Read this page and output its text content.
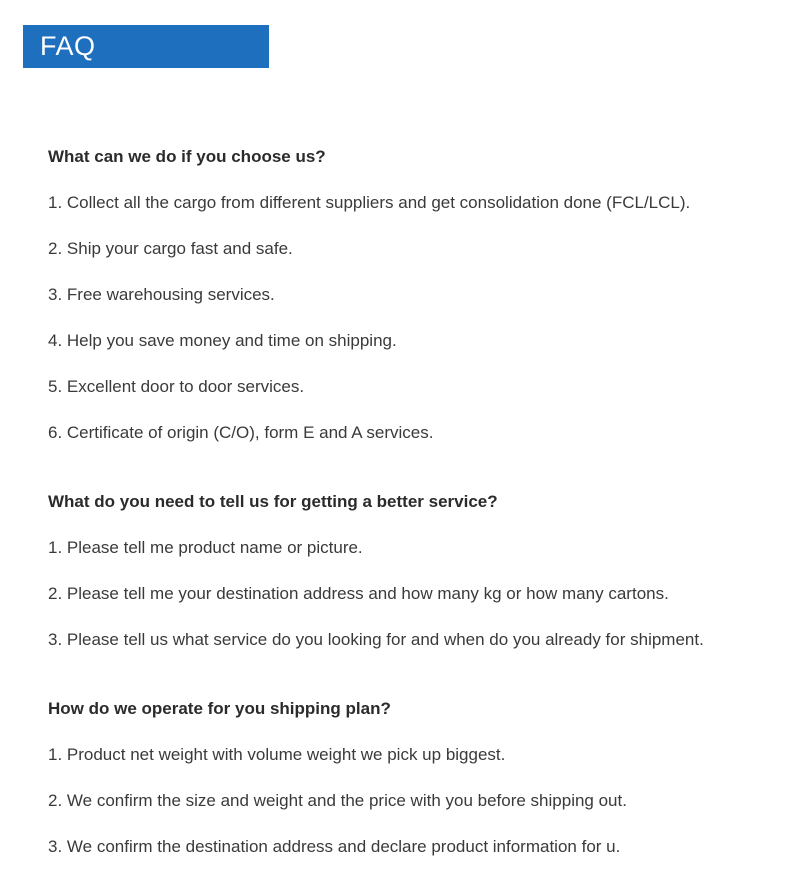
FAQ
What can we do if you choose us?
1. Collect all the cargo from different suppliers and get consolidation done (FCL/LCL).
2. Ship your cargo fast and safe.
3. Free warehousing services.
4. Help you save money and time on shipping.
5. Excellent door to door services.
6. Certificate of origin (C/O), form E and A services.
What do you need to tell us for getting a better service?
1. Please tell me product name or picture.
2. Please tell me your destination address and how many kg or how many cartons.
3. Please tell us what service do you looking for and when do you already for shipment.
How do we operate for you shipping plan?
1. Product net weight with volume weight we pick up biggest.
2. We confirm the size and weight and the price with you before shipping out.
3. We confirm the destination address and declare product information for u.
